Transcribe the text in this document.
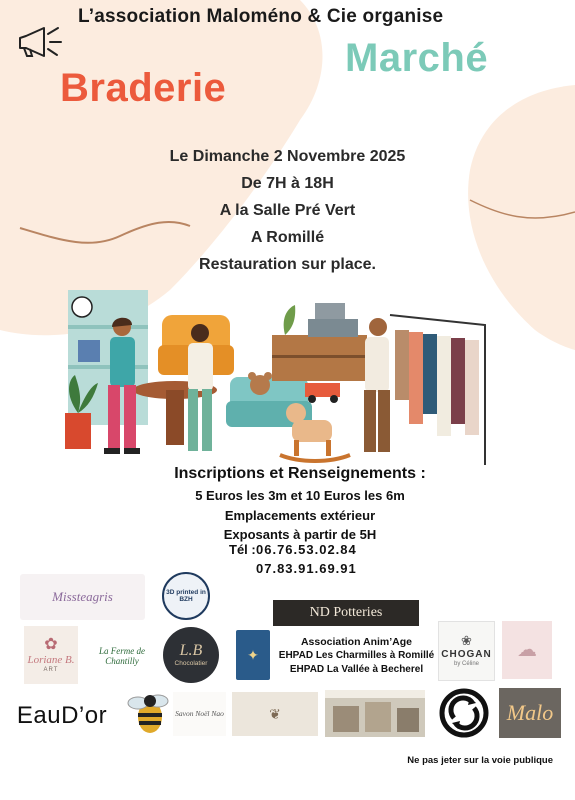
L’association Maloméno & Cie organise
Braderie
Marché
Le Dimanche 2 Novembre 2025
De 7H à 18H
A la Salle Pré Vert
A Romillé
Restauration sur place.
Inscriptions et Renseignements :
5 Euros les 3m et 10 Euros les 6m
Emplacements extérieur
Exposants à partir de 5H
Tél : 06.76.53.02.84
07.83.91.69.91
Missteagris	3D printed in BZH
ND Potteries
Association Anim’Age
EHPAD Les Charmilles à Romillé
EHPAD La Vallée à Becherel
✿
Loriane B.
ART
La Ferme de Chantilly
L.B
Chocolatier
✦
❀
CHOGAN
by Céline
☁
EauD’or	Savon Noël Nao	❦	Malo
Ne pas jeter sur la voie publique
